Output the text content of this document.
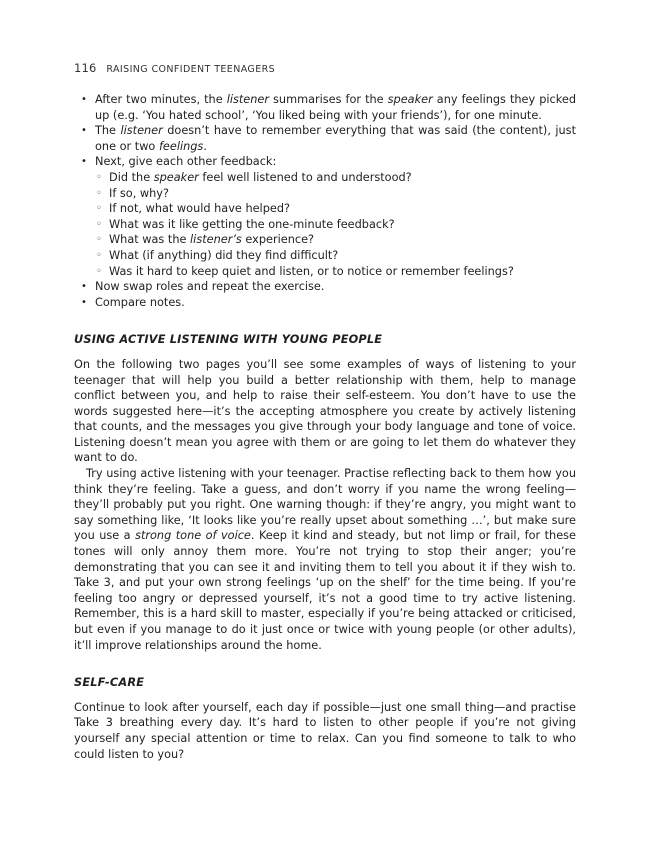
116 RAISING CONFIDENT TEENAGERS
• After two minutes, the listener summarises for the speaker any feelings they picked up (e.g. ‘You hated school’, ‘You liked being with your friends’), for one minute.
• The listener doesn’t have to remember everything that was said (the content), just one or two feelings.
• Next, give each other feedback:
◦ Did the speaker feel well listened to and understood?
◦ If so, why?
◦ If not, what would have helped?
◦ What was it like getting the one-minute feedback?
◦ What was the listener’s experience?
◦ What (if anything) did they find difficult?
◦ Was it hard to keep quiet and listen, or to notice or remember feelings?
• Now swap roles and repeat the exercise.
• Compare notes.
USING ACTIVE LISTENING WITH YOUNG PEOPLE

On the following two pages you’ll see some examples of ways of listening to your teenager that will help you build a better relationship with them, help to manage conflict between you, and help to raise their self-esteem. You don’t have to use the words suggested here—it’s the accepting atmosphere you create by actively listening that counts, and the messages you give through your body language and tone of voice. Listening doesn’t mean you agree with them or are going to let them do whatever they want to do.

Try using active listening with your teenager. Practise reflecting back to them how you think they’re feeling. Take a guess, and don’t worry if you name the wrong feeling—they’ll probably put you right. One warning though: if they’re angry, you might want to say something like, ‘It looks like you’re really upset about something …’, but make sure you use a strong tone of voice. Keep it kind and steady, but not limp or frail, for these tones will only annoy them more. You’re not trying to stop their anger; you’re demonstrating that you can see it and inviting them to tell you about it if they wish to. Take 3, and put your own strong feelings ‘up on the shelf’ for the time being. If you’re feeling too angry or depressed yourself, it’s not a good time to try active listening. Remember, this is a hard skill to master, especially if you’re being attacked or criticised, but even if you manage to do it just once or twice with young people (or other adults), it’ll improve relationships around the home.

SELF-CARE

Continue to look after yourself, each day if possible—just one small thing—and practise Take 3 breathing every day. It’s hard to listen to other people if you’re not giving yourself any special attention or time to relax. Can you find someone to talk to who could listen to you?
